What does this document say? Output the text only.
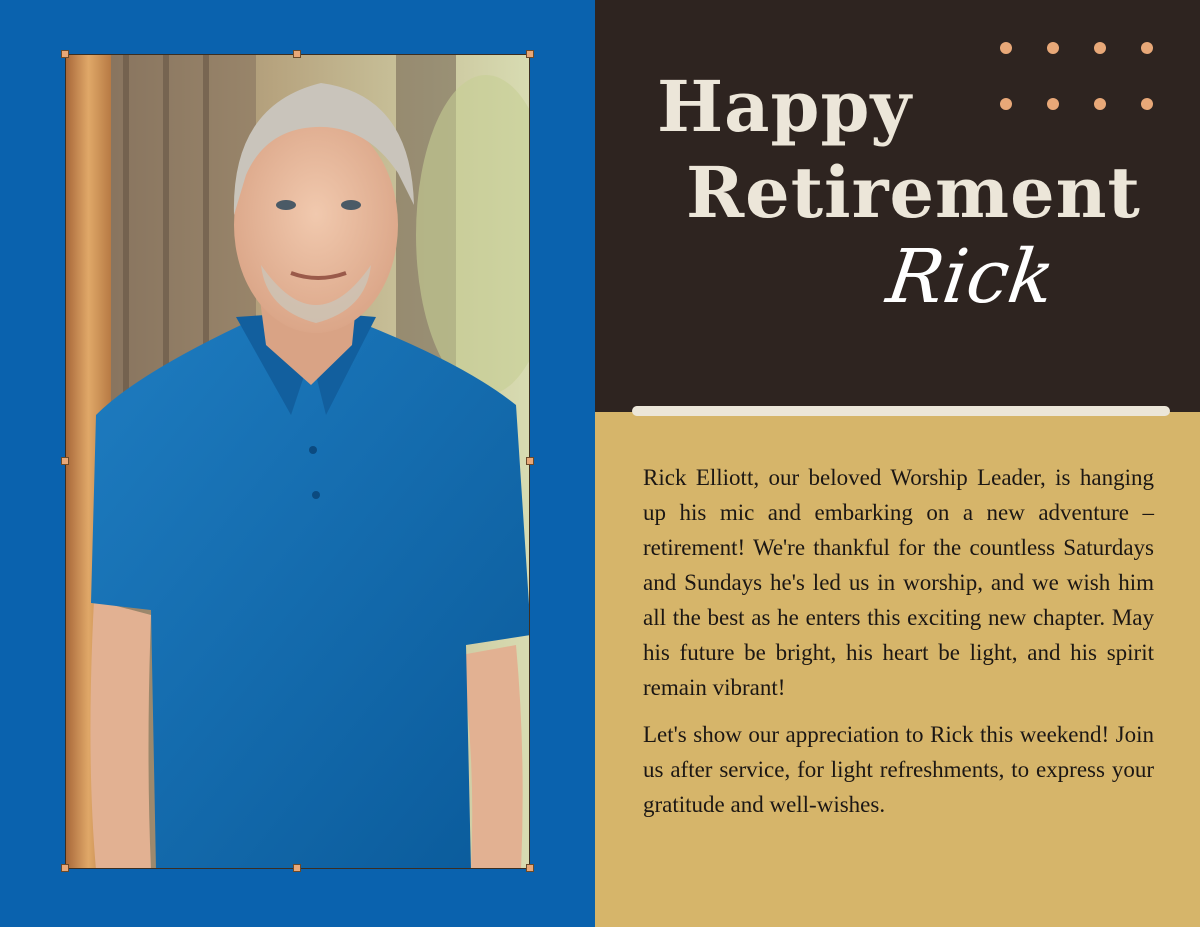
Happy
Retirement
Rick

Rick Elliott, our beloved Worship Leader, is hanging up his mic and embarking on a new adventure – retirement! We're thankful for the countless Saturdays and Sundays he's led us in worship, and we wish him all the best as he enters this exciting new chapter. May his future be bright, his heart be light, and his spirit remain vibrant!

Let's show our appreciation to Rick this weekend! Join us after service, for light refreshments, to express your gratitude and well-wishes.
